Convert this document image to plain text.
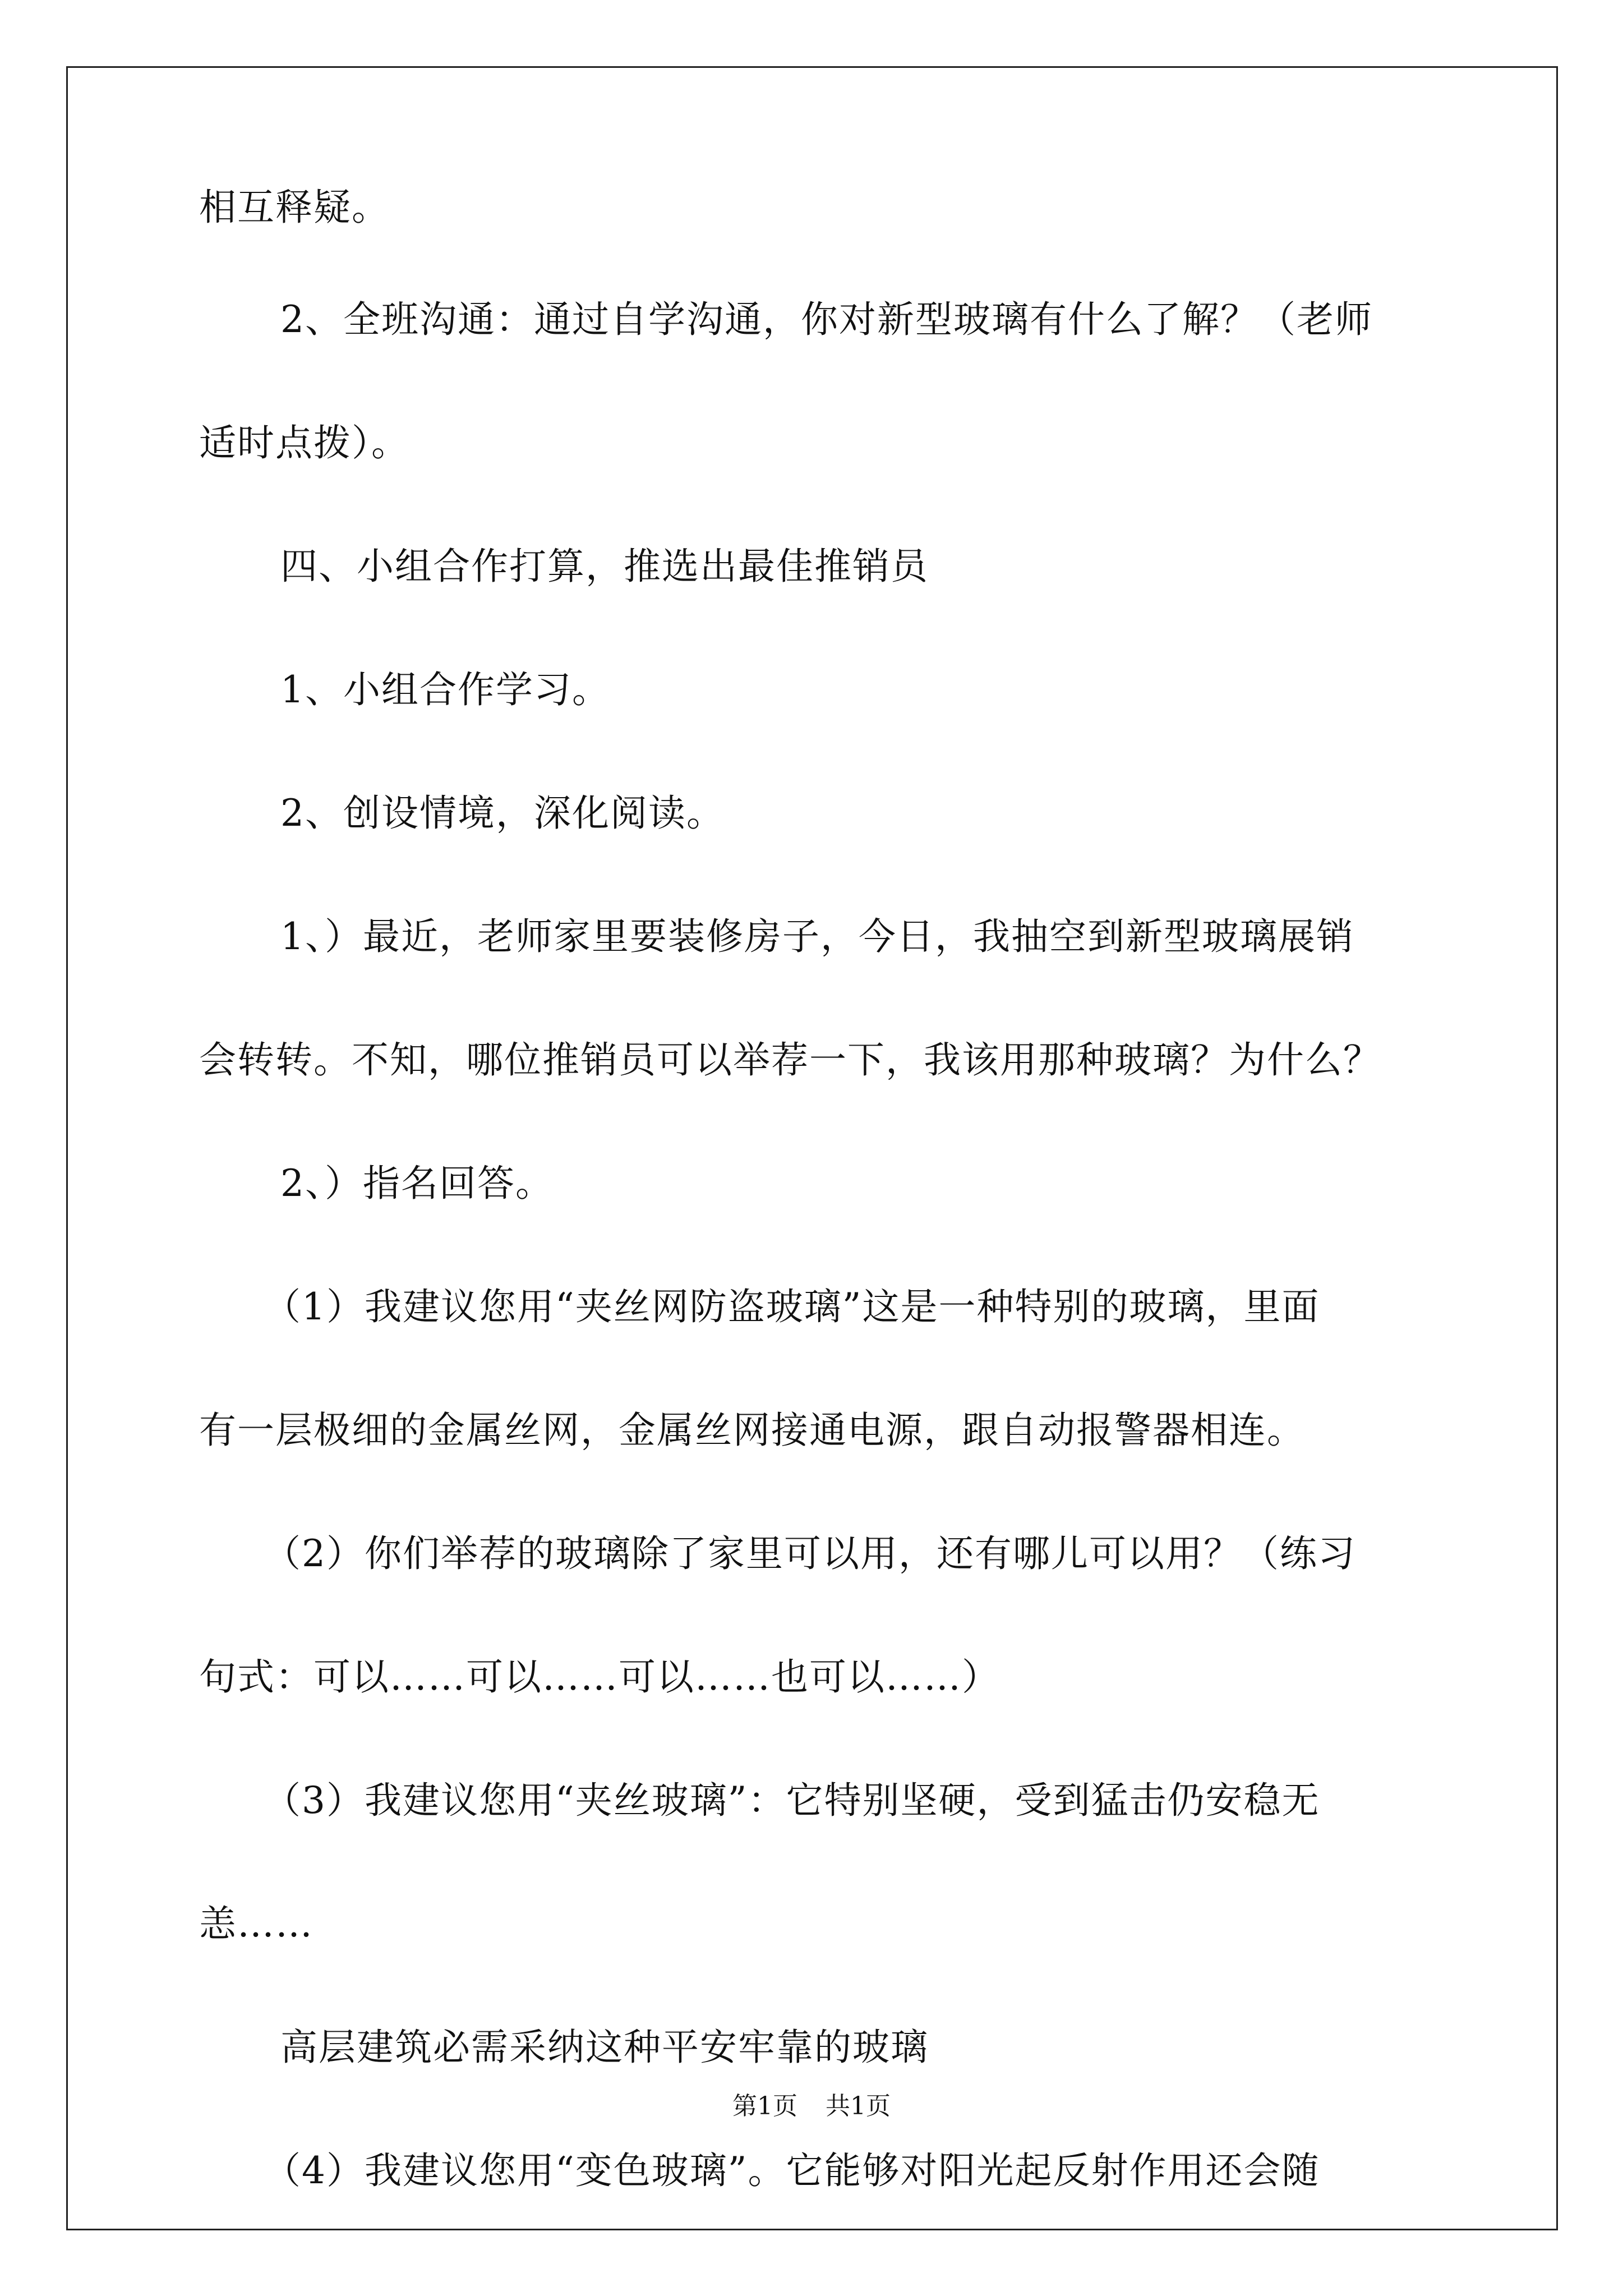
相互释疑。
2、全班沟通：通过自学沟通，你对新型玻璃有什么了解？（老师
适时点拨）。
四、小组合作打算，推选出最佳推销员
1、小组合作学习。
2、创设情境，深化阅读。
1、）最近，老师家里要装修房子，今日，我抽空到新型玻璃展销
会转转。不知，哪位推销员可以举荐一下，我该用那种玻璃？为什么？
2、）指名回答。
（1）我建议您用“夹丝网防盗玻璃”这是一种特别的玻璃，里面
有一层极细的金属丝网，金属丝网接通电源，跟自动报警器相连。
（2）你们举荐的玻璃除了家里可以用，还有哪儿可以用？（练习
句式：可以……可以……可以……也可以……）
（3）我建议您用“夹丝玻璃”：它特别坚硬，受到猛击仍安稳无
恙……
高层建筑必需采纳这种平安牢靠的玻璃
（4）我建议您用“变色玻璃”。它能够对阳光起反射作用还会随
第1页 共1页
